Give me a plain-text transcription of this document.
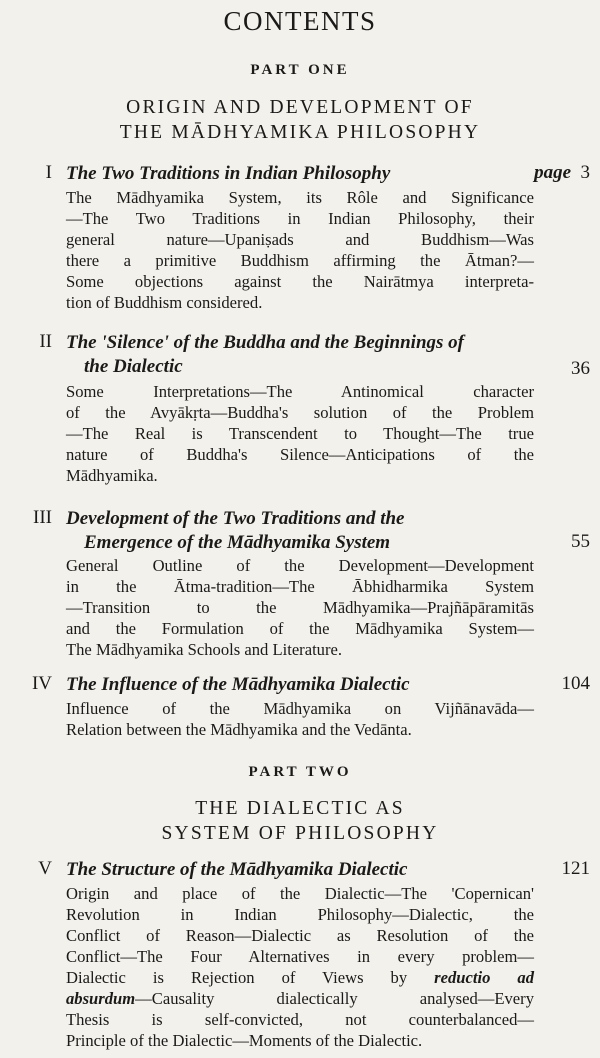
CONTENTS
PART ONE
ORIGIN AND DEVELOPMENT OF
THE MĀDHYAMIKA PHILOSOPHY
I The Two Traditions in Indian Philosophy	page 3
The Mādhyamika System, its Rôle and Significance
—The Two Traditions in Indian Philosophy, their
general nature—Upaniṣads and Buddhism—Was
there a primitive Buddhism affirming the Ātman?—
Some objections against the Nairātmya interpreta-
tion of Buddhism considered.
II The 'Silence' of the Buddha and the Beginnings of
the Dialectic	36
Some Interpretations—The Antinomical character
of the Avyākṛta—Buddha's solution of the Problem
—The Real is Transcendent to Thought—The true
nature of Buddha's Silence—Anticipations of the
Mādhyamika.
III Development of the Two Traditions and the
Emergence of the Mādhyamika System	55
General Outline of the Development—Development
in the Ātma-tradition—The Ābhidharmika System
—Transition to the Mādhyamika—Prajñāpāramitās
and the Formulation of the Mādhyamika System—
The Mādhyamika Schools and Literature.
IV The Influence of the Mādhyamika Dialectic	104
Influence of the Mādhyamika on Vijñānavāda—
Relation between the Mādhyamika and the Vedānta.
PART TWO
THE DIALECTIC AS
SYSTEM OF PHILOSOPHY
V The Structure of the Mādhyamika Dialectic	121
Origin and place of the Dialectic—The 'Copernican'
Revolution in Indian Philosophy—Dialectic, the
Conflict of Reason—Dialectic as Resolution of the
Conflict—The Four Alternatives in every problem—
Dialectic is Rejection of Views by reductio ad
absurdum—Causality dialectically analysed—Every
Thesis is self-convicted, not counterbalanced—
Principle of the Dialectic—Moments of the Dialectic.
